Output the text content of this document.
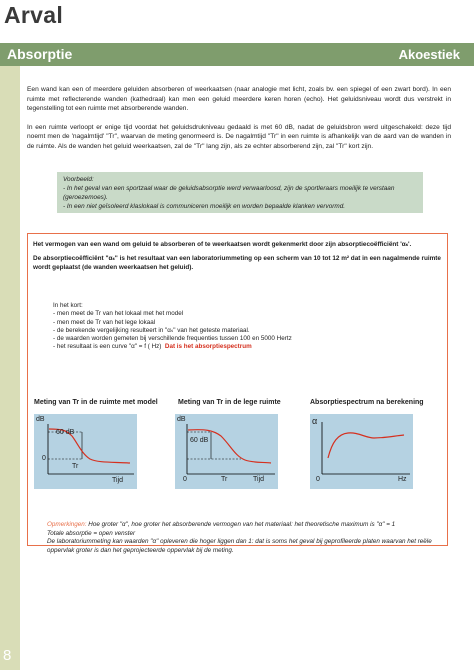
Arval
Absorptie	Akoestiek
8

Een wand kan een of meerdere geluiden absorberen of weerkaatsen (naar analogie met licht, zoals bv. een spiegel of een zwart bord). In een ruimte met reflecterende wanden (kathedraal) kan men een geluid meerdere keren horen (echo). Het geluidsniveau wordt dus verstrekt in tegenstelling tot een ruimte met absorberende wanden.

In een ruimte verloopt er enige tijd voordat het geluidsdrukniveau gedaald is met 60 dB, nadat de geluidsbron werd uitgeschakeld: deze tijd noemt men de 'nagalmtijd' "Tr", waarvan de meting genormeerd is. De nagalmtijd "Tr" in een ruimte is afhankelijk van de aard van de wanden in de ruimte. Als de wanden het geluid weerkaatsen, zal de "Tr" lang zijn, als ze echter absorberend zijn, zal "Tr" kort zijn.

Voorbeeld:
- In het geval van een sportzaal waar de geluidsabsorptie werd verwaarloosd, zijn de sportleraars moeilijk te verstaan (geroezemoes).
- In een niet geïsoleerd klaslokaal is communiceren moeilijk en worden bepaalde klanken vervormd.
Het vermogen van een wand om geluid te absorberen of te weerkaatsen wordt gekenmerkt door zijn absorptiecoëfficiënt 'αₛ'.
De absorptiecoëfficiënt "αₛ" is het resultaat van een laboratoriummeting op een scherm van 10 tot 12 m² dat in een nagalmende ruimte wordt geplaatst (de wanden weerkaatsen het geluid).
In het kort:
- men meet de Tr van het lokaal met het model
- men meet de Tr van het lege lokaal
- de berekende vergelijking resulteert in "αₛ" van het geteste materiaal.
- de waarden worden gemeten bij verschillende frequenties tussen 100 en 5000 Hertz
- het resultaat is een curve "α" = f ( Hz) Dat is het absorptiespectrum
Meting van Tr in de ruimte met model
dB
60 dB
0
Tr
Tijd
Meting van Tr in de lege ruimte
dB
60 dB
0	Tr	Tijd
Absorptiespectrum na berekening
α
0	Hz
Opmerkingen: Hoe groter "α", hoe groter het absorberende vermogen van het materiaal: het theoretische maximum is "α" = 1
Totale absorptie = open venster
De laboratoriummeting kan waarden "α" opleveren die hoger liggen dan 1: dat is soms het geval bij geprofileerde platen waarvan het reële oppervlak groter is dan het geprojecteerde oppervlak bij de meting.
